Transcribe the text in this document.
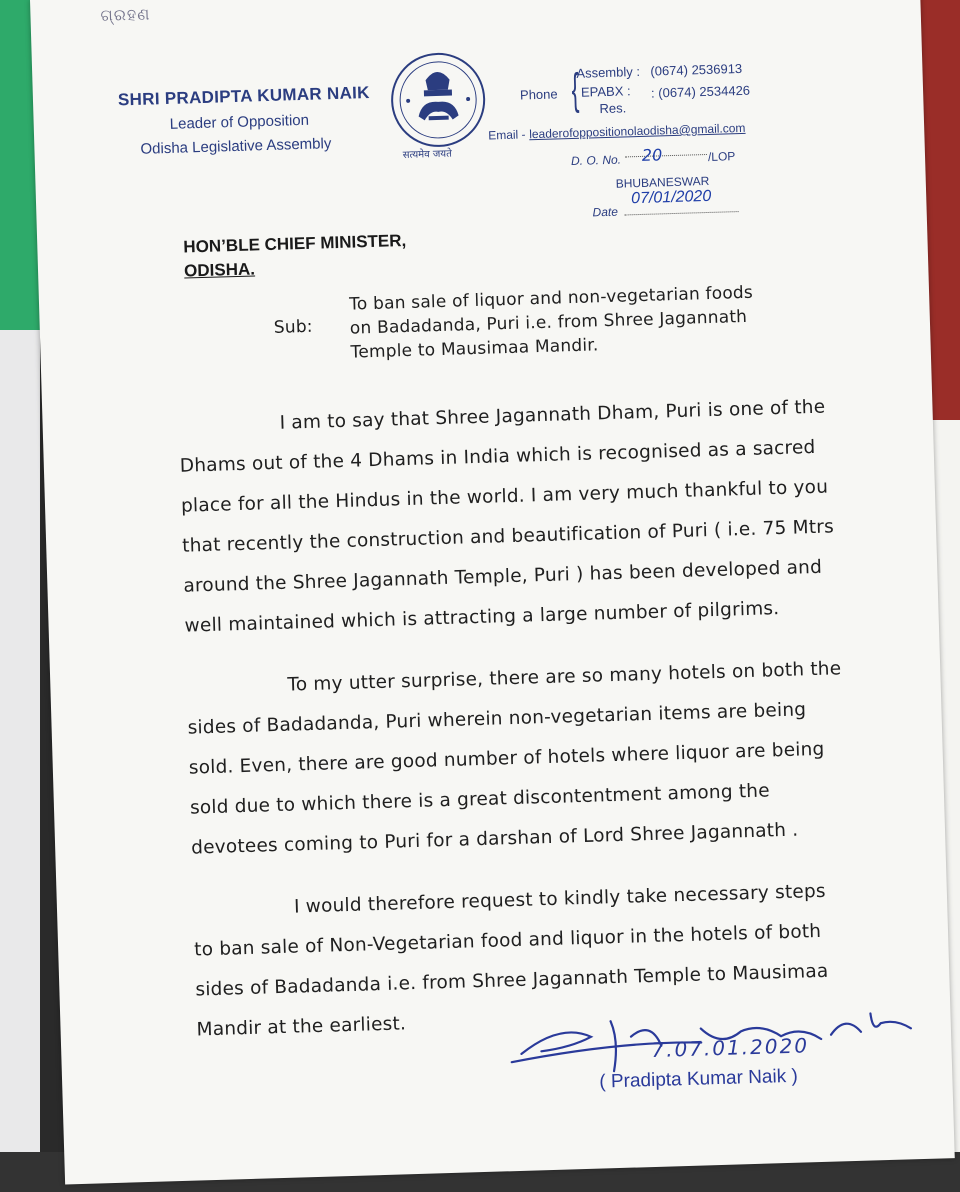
ଗ୍ରହଣ
SHRI PRADIPTA KUMAR NAIK
Leader of Opposition
Odisha Legislative Assembly	सत्यमेव जयते
Phone {
Assembly :
EPABX :
Res.
(0674) 2536913
: (0674) 2534426
Email - leaderofoppositionolaodisha@gmail.com
D. O. No. 20	/LOP
BHUBANESWAR
Date
07/01/2020
HON’BLE CHIEF MINISTER,
ODISHA.
Sub:
To ban sale of liquor and non-vegetarian foods
on Badadanda, Puri i.e. from Shree Jagannath
Temple to Mausimaa Mandir.
I am to say that Shree Jagannath Dham, Puri is one of the
Dhams out of the 4 Dhams in India which is recognised as a sacred
place for all the Hindus in the world. I am very much thankful to you
that recently the construction and beautification of Puri ( i.e. 75 Mtrs
around the Shree Jagannath Temple, Puri ) has been developed and
well maintained which is attracting a large number of pilgrims.
To my utter surprise, there are so many hotels on both the
sides of Badadanda, Puri wherein non-vegetarian items are being
sold. Even, there are good number of hotels where liquor are being
sold due to which there is a great discontentment among the
devotees coming to Puri for a darshan of Lord Shree Jagannath .
I would therefore request to kindly take necessary steps
to ban sale of Non-Vegetarian food and liquor in the hotels of both
sides of Badadanda i.e. from Shree Jagannath Temple to Mausimaa
Mandir at the earliest.
7.07.01.2020
( Pradipta Kumar Naik )
